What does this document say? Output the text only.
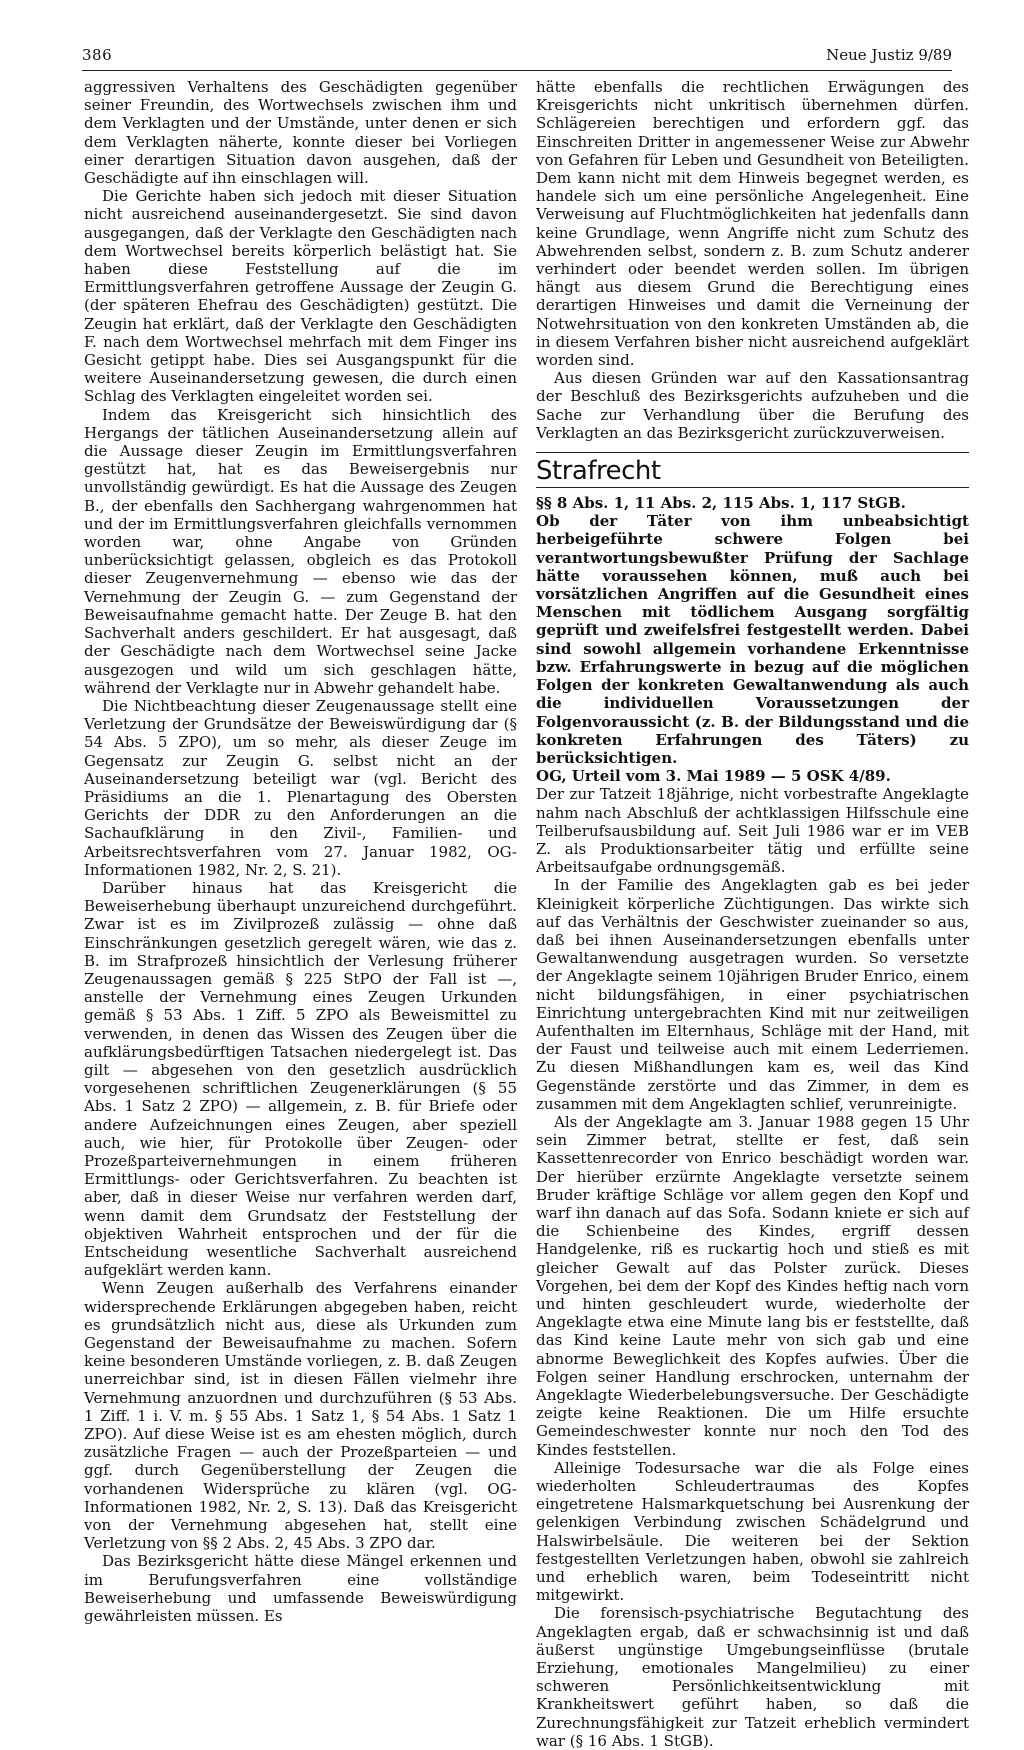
386	Neue Justiz 9/89

aggressiven Verhaltens des Geschädigten gegenüber seiner Freundin, des Wortwechsels zwischen ihm und dem Verklagten und der Umstände, unter denen er sich dem Verklagten näherte, konnte dieser bei Vorliegen einer derartigen Situation davon ausgehen, daß der Geschädigte auf ihn einschlagen will.

Die Gerichte haben sich jedoch mit dieser Situation nicht ausreichend auseinandergesetzt. Sie sind davon ausgegangen, daß der Verklagte den Geschädigten nach dem Wortwechsel bereits körperlich belästigt hat. Sie haben diese Feststellung auf die im Ermittlungsverfahren getroffene Aussage der Zeugin G. (der späteren Ehefrau des Geschädigten) gestützt. Die Zeugin hat erklärt, daß der Verklagte den Geschädigten F. nach dem Wortwechsel mehrfach mit dem Finger ins Gesicht getippt habe. Dies sei Ausgangspunkt für die weitere Auseinandersetzung gewesen, die durch einen Schlag des Verklagten eingeleitet worden sei.

Indem das Kreisgericht sich hinsichtlich des Hergangs der tätlichen Auseinandersetzung allein auf die Aussage dieser Zeugin im Ermittlungsverfahren gestützt hat, hat es das Beweisergebnis nur unvollständig gewürdigt. Es hat die Aussage des Zeugen B., der ebenfalls den Sachhergang wahrgenommen hat und der im Ermittlungsverfahren gleichfalls vernommen worden war, ohne Angabe von Gründen unberücksichtigt gelassen, obgleich es das Protokoll dieser Zeugenvernehmung — ebenso wie das der Vernehmung der Zeugin G. — zum Gegenstand der Beweisaufnahme gemacht hatte. Der Zeuge B. hat den Sachverhalt anders geschildert. Er hat ausgesagt, daß der Geschädigte nach dem Wortwechsel seine Jacke ausgezogen und wild um sich geschlagen hätte, während der Verklagte nur in Abwehr gehandelt habe.

Die Nichtbeachtung dieser Zeugenaussage stellt eine Verletzung der Grundsätze der Beweiswürdigung dar (§ 54 Abs. 5 ZPO), um so mehr, als dieser Zeuge im Gegensatz zur Zeugin G. selbst nicht an der Auseinandersetzung beteiligt war (vgl. Bericht des Präsidiums an die 1. Plenartagung des Obersten Gerichts der DDR zu den Anforderungen an die Sachaufklärung in den Zivil-, Familien- und Arbeitsrechtsverfahren vom 27. Januar 1982, OG-Informationen 1982, Nr. 2, S. 21).

Darüber hinaus hat das Kreisgericht die Beweiserhebung überhaupt unzureichend durchgeführt. Zwar ist es im Zivilprozeß zulässig — ohne daß Einschränkungen gesetzlich geregelt wären, wie das z. B. im Strafprozeß hinsichtlich der Verlesung früherer Zeugenaussagen gemäß § 225 StPO der Fall ist —, anstelle der Vernehmung eines Zeugen Urkunden gemäß § 53 Abs. 1 Ziff. 5 ZPO als Beweismittel zu verwenden, in denen das Wissen des Zeugen über die aufklärungsbedürftigen Tatsachen niedergelegt ist. Das gilt — abgesehen von den gesetzlich ausdrücklich vorgesehenen schriftlichen Zeugenerklärungen (§ 55 Abs. 1 Satz 2 ZPO) — allgemein, z. B. für Briefe oder andere Aufzeichnungen eines Zeugen, aber speziell auch, wie hier, für Protokolle über Zeugen- oder Prozeßparteivernehmungen in einem früheren Ermittlungs- oder Gerichtsverfahren. Zu beachten ist aber, daß in dieser Weise nur verfahren werden darf, wenn damit dem Grundsatz der Feststellung der objektiven Wahrheit entsprochen und der für die Entscheidung wesentliche Sachverhalt ausreichend aufgeklärt werden kann.

Wenn Zeugen außerhalb des Verfahrens einander widersprechende Erklärungen abgegeben haben, reicht es grundsätzlich nicht aus, diese als Urkunden zum Gegenstand der Beweisaufnahme zu machen. Sofern keine besonderen Umstände vorliegen, z. B. daß Zeugen unerreichbar sind, ist in diesen Fällen vielmehr ihre Vernehmung anzuordnen und durchzuführen (§ 53 Abs. 1 Ziff. 1 i. V. m. § 55 Abs. 1 Satz 1, § 54 Abs. 1 Satz 1 ZPO). Auf diese Weise ist es am ehesten möglich, durch zusätzliche Fragen — auch der Prozeßparteien — und ggf. durch Gegenüberstellung der Zeugen die vorhandenen Widersprüche zu klären (vgl. OG-Informationen 1982, Nr. 2, S. 13). Daß das Kreisgericht von der Vernehmung abgesehen hat, stellt eine Verletzung von §§ 2 Abs. 2, 45 Abs. 3 ZPO dar.

Das Bezirksgericht hätte diese Mängel erkennen und im Berufungsverfahren eine vollständige Beweiserhebung und umfassende Beweiswürdigung gewährleisten müssen. Es

hätte ebenfalls die rechtlichen Erwägungen des Kreisgerichts nicht unkritisch übernehmen dürfen. Schlägereien berechtigen und erfordern ggf. das Einschreiten Dritter in angemessener Weise zur Abwehr von Gefahren für Leben und Gesundheit von Beteiligten. Dem kann nicht mit dem Hinweis begegnet werden, es handele sich um eine persönliche Angelegenheit. Eine Verweisung auf Fluchtmöglichkeiten hat jedenfalls dann keine Grundlage, wenn Angriffe nicht zum Schutz des Abwehrenden selbst, sondern z. B. zum Schutz anderer verhindert oder beendet werden sollen. Im übrigen hängt aus diesem Grund die Berechtigung eines derartigen Hinweises und damit die Verneinung der Notwehrsituation von den konkreten Umständen ab, die in diesem Verfahren bisher nicht ausreichend aufgeklärt worden sind.

Aus diesen Gründen war auf den Kassationsantrag der Beschluß des Bezirksgerichts aufzuheben und die Sache zur Verhandlung über die Berufung des Verklagten an das Bezirksgericht zurückzuverweisen.

Strafrecht

§§ 8 Abs. 1, 11 Abs. 2, 115 Abs. 1, 117 StGB.

Ob der Täter von ihm unbeabsichtigt herbeigeführte schwere Folgen bei verantwortungsbewußter Prüfung der Sachlage hätte voraussehen können, muß auch bei vorsätzlichen Angriffen auf die Gesundheit eines Menschen mit tödlichem Ausgang sorgfältig geprüft und zweifelsfrei festgestellt werden. Dabei sind sowohl allgemein vorhandene Erkenntnisse bzw. Erfahrungswerte in bezug auf die möglichen Folgen der konkreten Gewaltanwendung als auch die individuellen Voraussetzungen der Folgenvoraussicht (z. B. der Bildungsstand und die konkreten Erfahrungen des Täters) zu berücksichtigen.

OG, Urteil vom 3. Mai 1989 — 5 OSK 4/89.

Der zur Tatzeit 18jährige, nicht vorbestrafte Angeklagte nahm nach Abschluß der achtklassigen Hilfsschule eine Teilberufsausbildung auf. Seit Juli 1986 war er im VEB Z. als Produktionsarbeiter tätig und erfüllte seine Arbeitsaufgabe ordnungsgemäß.

In der Familie des Angeklagten gab es bei jeder Kleinigkeit körperliche Züchtigungen. Das wirkte sich auf das Verhältnis der Geschwister zueinander so aus, daß bei ihnen Auseinandersetzungen ebenfalls unter Gewaltanwendung ausgetragen wurden. So versetzte der Angeklagte seinem 10jährigen Bruder Enrico, einem nicht bildungsfähigen, in einer psychiatrischen Einrichtung untergebrachten Kind mit nur zeitweiligen Aufenthalten im Elternhaus, Schläge mit der Hand, mit der Faust und teilweise auch mit einem Lederriemen. Zu diesen Mißhandlungen kam es, weil das Kind Gegenstände zerstörte und das Zimmer, in dem es zusammen mit dem Angeklagten schlief, verunreinigte.

Als der Angeklagte am 3. Januar 1988 gegen 15 Uhr sein Zimmer betrat, stellte er fest, daß sein Kassettenrecorder von Enrico beschädigt worden war. Der hierüber erzürnte Angeklagte versetzte seinem Bruder kräftige Schläge vor allem gegen den Kopf und warf ihn danach auf das Sofa. Sodann kniete er sich auf die Schienbeine des Kindes, ergriff dessen Handgelenke, riß es ruckartig hoch und stieß es mit gleicher Gewalt auf das Polster zurück. Dieses Vorgehen, bei dem der Kopf des Kindes heftig nach vorn und hinten geschleudert wurde, wiederholte der Angeklagte etwa eine Minute lang bis er feststellte, daß das Kind keine Laute mehr von sich gab und eine abnorme Beweglichkeit des Kopfes aufwies. Über die Folgen seiner Handlung erschrocken, unternahm der Angeklagte Wiederbelebungsversuche. Der Geschädigte zeigte keine Reaktionen. Die um Hilfe ersuchte Gemeindeschwester konnte nur noch den Tod des Kindes feststellen.

Alleinige Todesursache war die als Folge eines wiederholten Schleudertraumas des Kopfes eingetretene Halsmarkquetschung bei Ausrenkung der gelenkigen Verbindung zwischen Schädelgrund und Halswirbelsäule. Die weiteren bei der Sektion festgestellten Verletzungen haben, obwohl sie zahlreich und erheblich waren, beim Todeseintritt nicht mitgewirkt.

Die forensisch-psychiatrische Begutachtung des Angeklagten ergab, daß er schwachsinnig ist und daß äußerst ungünstige Umgebungseinflüsse (brutale Erziehung, emotionales Mangelmilieu) zu einer schweren Persönlichkeitsentwicklung mit Krankheitswert geführt haben, so daß die Zurechnungsfähigkeit zur Tatzeit erheblich vermindert war (§ 16 Abs. 1 StGB).
